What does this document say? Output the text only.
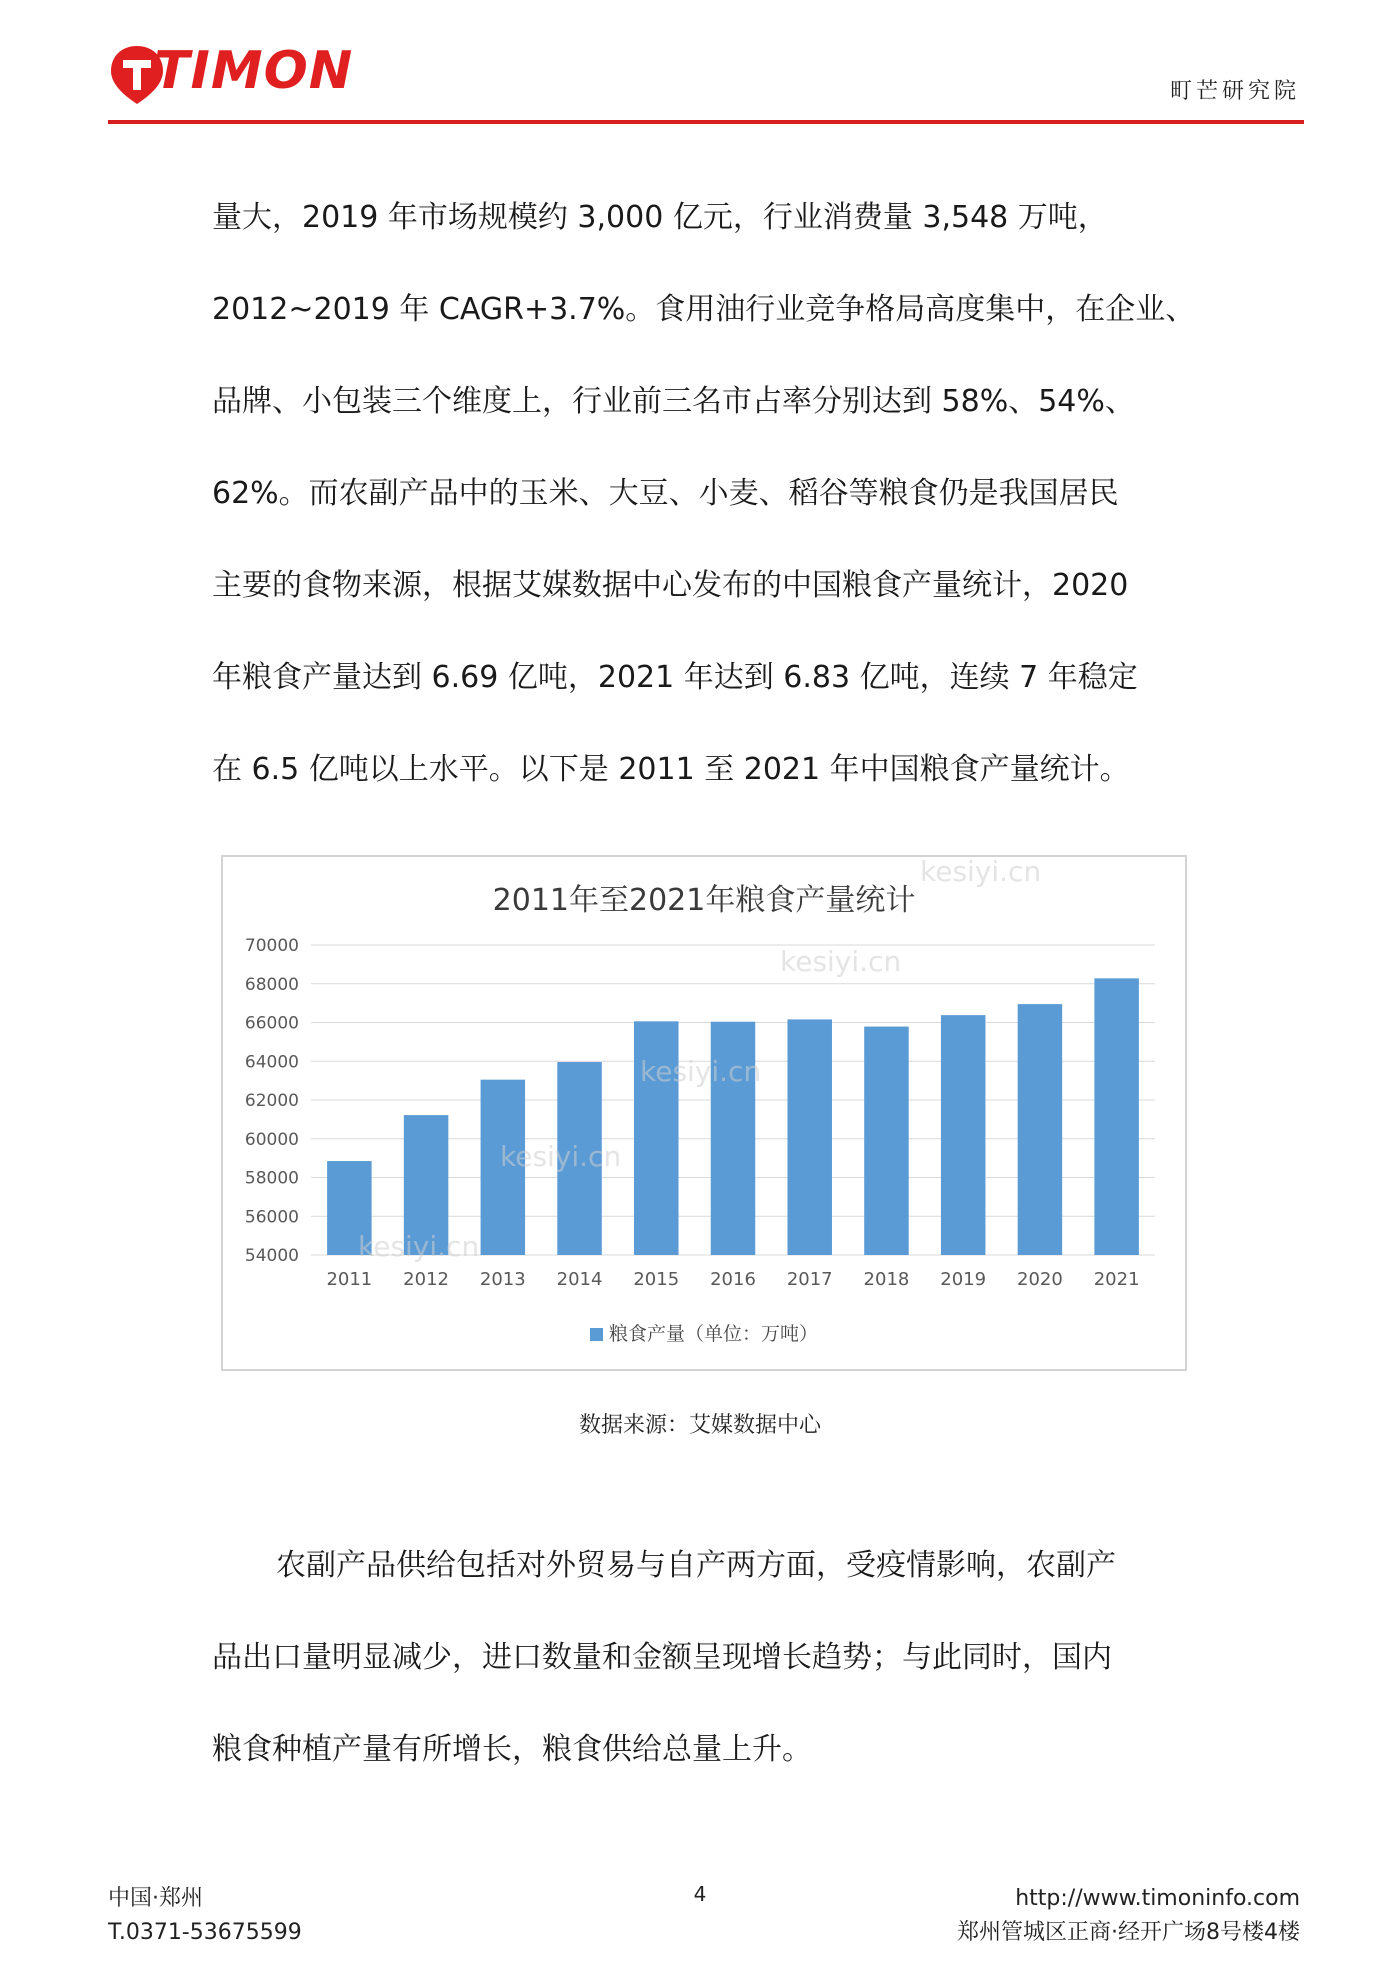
TIMON	町芒研究院
量大，2019 年市场规模约 3,000 亿元，行业消费量 3,548 万吨，
2012~2019 年 CAGR+3.7%。食用油行业竞争格局高度集中，在企业、
品牌、小包装三个维度上，行业前三名市占率分别达到 58%、54%、
62%。而农副产品中的玉米、大豆、小麦、稻谷等粮食仍是我国居民
主要的食物来源，根据艾媒数据中心发布的中国粮食产量统计，2020
年粮食产量达到 6.69 亿吨，2021 年达到 6.83 亿吨，连续 7 年稳定
在 6.5 亿吨以上水平。以下是 2011 至 2021 年中国粮食产量统计。
54000
56000
58000
60000
62000
64000
66000
68000
70000
2011 2012 2013 2014 2015 2016 2017 2018 2019 2020 2021
2011年至2021年粮食产量统计
粮食产量（单位：万吨）
kesiyi.cn
kesiyi.cn
kesiyi.cn
kesiyi.cn
kesiyi.cn
数据来源：艾媒数据中心
农副产品供给包括对外贸易与自产两方面，受疫情影响，农副产
品出口量明显减少，进口数量和金额呈现增长趋势；与此同时，国内
粮食种植产量有所增长，粮食供给总量上升。
中国·郑州
T.0371-53675599
4	http://www.timoninfo.com
郑州管城区正商·经开广场8号楼4楼
